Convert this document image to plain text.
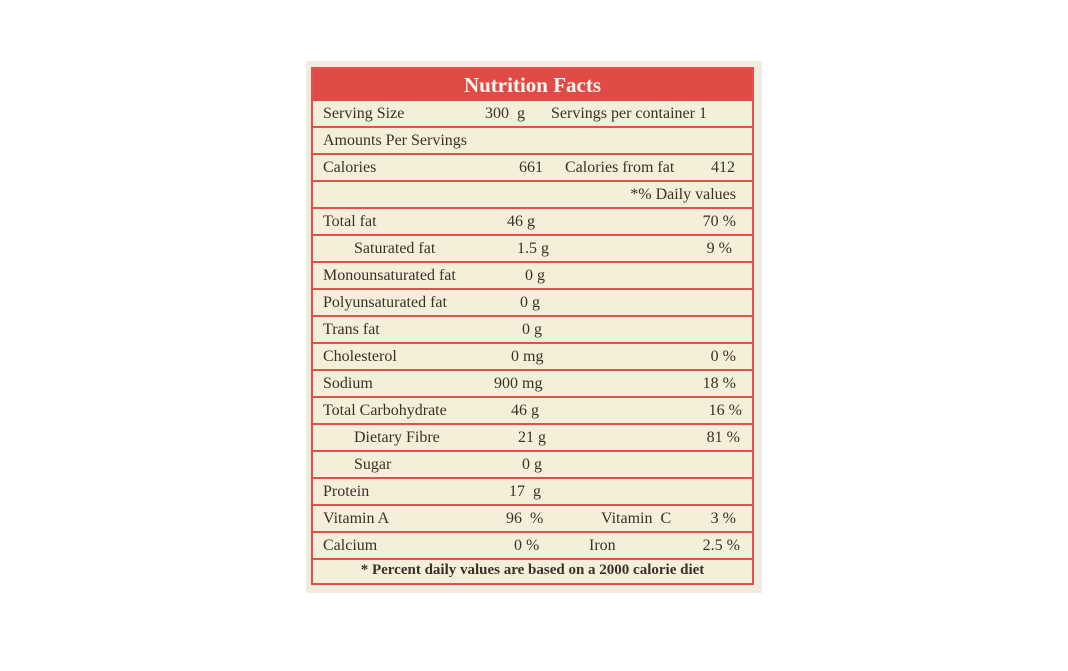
Nutrition Facts
Serving Size	300  g Servings per container 1
Amounts Per Servings
Calories	661 Calories from fat 412
*% Daily values
Total fat	46 g	70 %
Saturated fat	1.5 g	9 %
Monounsaturated fat	0 g
Polyunsaturated fat	0 g
Trans fat	0 g
Cholesterol	0 mg	0 %
Sodium	900 mg	18 %
Total Carbohydrate	46 g	16 %
Dietary Fibre	21 g	81 %
Sugar	0 g
Protein	17  g
Vitamin A	96  %	Vitamin  C 3 %
Calcium	0 %	Iron	2.5 %
* Percent daily values are based on a 2000 calorie diet
